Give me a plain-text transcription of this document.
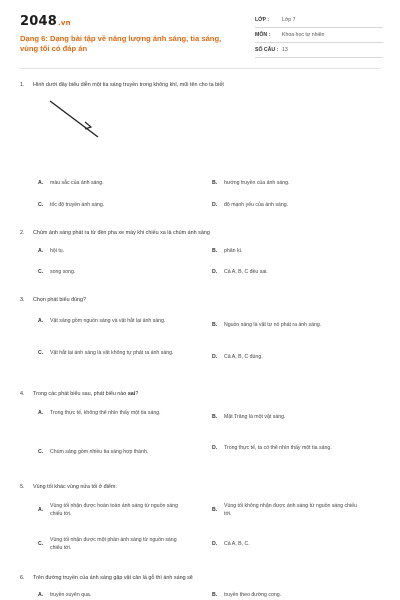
2048.vn
Dạng 6: Dạng bài tập về năng lượng ánh sáng, tia sáng, vùng tối có đáp án
LỚP :	Lớp 7
MÔN :	Khoa học tự nhiên
SỐ CÂU : 13
1. Hình dưới đây biểu diễn một tia sáng truyền trong không khí, mũi tên cho ta biết
A.	màu sắc của ánh sáng.	B.	hướng truyền của ánh sáng.
C.	tốc độ truyền ánh sáng.	D.	độ mạnh yếu của ánh sáng.
2. Chùm ánh sáng phát ra từ đèn pha xe máy khi chiếu xa là chùm ánh sáng
A.	hội tụ.	B.	phân kì.
C.	song song.	D.	Cả A, B, C đều sai.
3. Chọn phát biểu đúng?
A.	Vật sáng gồm nguồn sáng và vật hắt lại ánh sáng.
B.	Nguồn sáng là vật tự nó phát ra ánh sáng.
C.	Vật hắt lại ánh sáng là vật không tự phát ra ánh sáng.
D.	Cả A, B, C đúng.
4. Trong các phát biểu sau, phát biểu nào sai?
A.	Trong thực tế, không thể nhìn thấy một tia sáng.
B.	Mặt Trăng là một vật sáng.
C.	Chùm sáng gồm nhiều tia sáng hợp thành.
D.	Trong thực tế, ta có thể nhìn thấy một tia sáng.
5. Vùng tối khác vùng nửa tối ở điểm:
A.
Vùng tối nhận được hoàn toàn ánh sáng từ nguồn sáng chiếu tới.
B.
Vùng tối không nhận được ánh sáng từ nguồn sáng chiếu tới.
C.
Vùng tối nhận được một phần ánh sáng từ nguồn sáng chiếu tới.
D.	Cả A, B, C.
6. Trên đường truyền của ánh sáng gặp vật cản là gỗ thì ánh sáng sẽ
A.	truyền xuyên qua.	B.	truyền theo đường cong.
